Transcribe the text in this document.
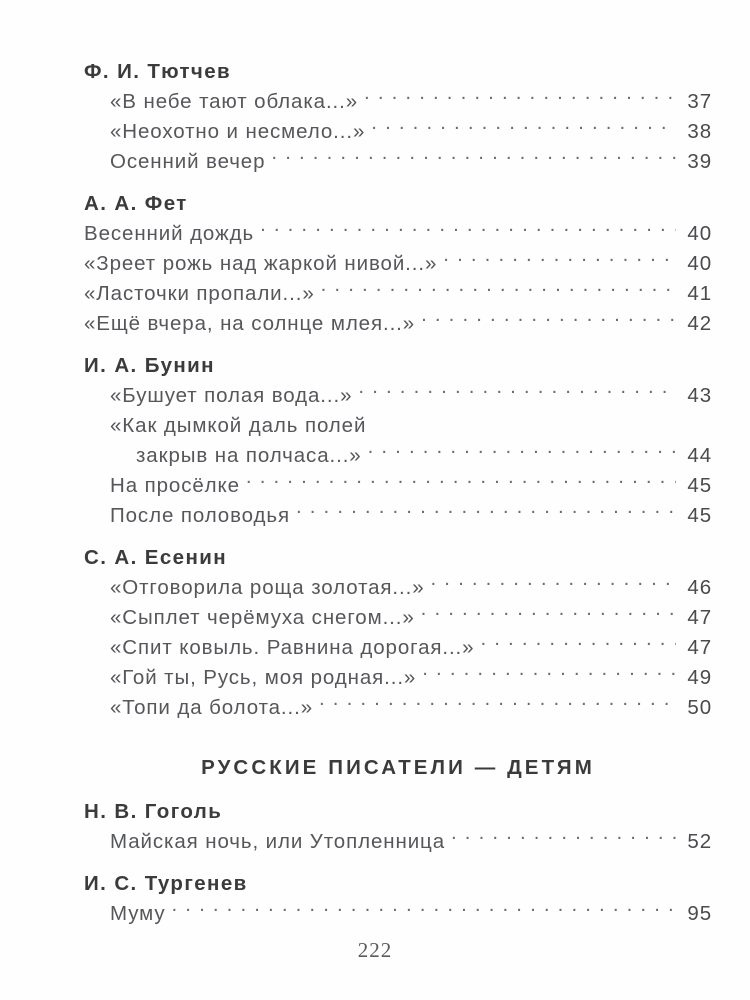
Ф. И. Тютчев
«В небе тают облака...» . . .	37
«Неохотно и несмело...» . . .	38
Осенний вечер . . .	39
А. А. Фет
Весенний дождь . . .	40
«Зреет рожь над жаркой нивой...» . . .	40
«Ласточки пропали...» . . .	41
«Ещё вчера, на солнце млея...» . . .	42
И. А. Бунин
«Бушует полая вода...» . . .	43
«Как дымкой даль полей
закрыв на полчаса...» . . .	44
На просёлке . . .	45
После половодья . . .	45
С. А. Есенин
«Отговорила роща золотая...» . . .	46
«Сыплет черёмуха снегом...» . . .	47
«Спит ковыль. Равнина дорогая...» . . .	47
«Гой ты, Русь, моя родная...» . . .	49
«Топи да болота...» . . .	50
РУССКИЕ ПИСАТЕЛИ — ДЕТЯМ
Н. В. Гоголь
Майская ночь, или Утопленница . . .	52
И. С. Тургенев
Муму . . .	95
222
